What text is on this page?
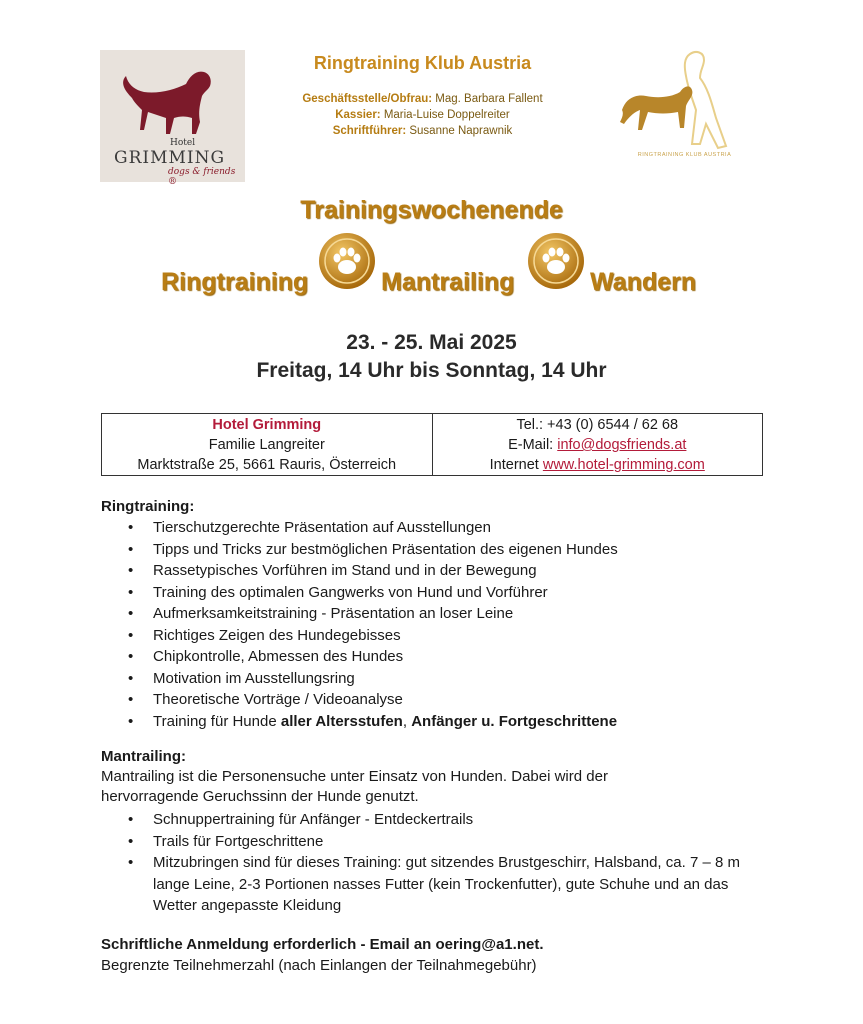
Hotel
GRIMMING
dogs & friends ®
Ringtraining Klub Austria
Geschäftsstelle/Obfrau: Mag. Barbara Fallent
Kassier: Maria-Luise Doppelreiter
Schriftführer: Susanne Naprawnik
RINGTRAINING KLUB AUSTRIA
Trainingswochenende
Ringtraining	Mantrailing	Wandern
23. - 25. Mai 2025
Freitag, 14 Uhr bis Sonntag, 14 Uhr
Hotel Grimming
Familie Langreiter
Marktstraße 25, 5661 Rauris, Österreich
Tel.: +43 (0) 6544 / 62 68
E-Mail: info@dogsfriends.at
Internet www.hotel-grimming.com
Ringtraining:
• Tierschutzgerechte Präsentation auf Ausstellungen
• Tipps und Tricks zur bestmöglichen Präsentation des eigenen Hundes
• Rassetypisches Vorführen im Stand und in der Bewegung
• Training des optimalen Gangwerks von Hund und Vorführer
• Aufmerksamkeitstraining - Präsentation an loser Leine
• Richtiges Zeigen des Hundegebisses
• Chipkontrolle, Abmessen des Hundes
• Motivation im Ausstellungsring
• Theoretische Vorträge / Videoanalyse
• Training für Hunde aller Altersstufen, Anfänger u. Fortgeschrittene
Mantrailing:
Mantrailing ist die Personensuche unter Einsatz von Hunden. Dabei wird der hervorragende Geruchssinn der Hunde genutzt.
• Schnuppertraining für Anfänger - Entdeckertrails
• Trails für Fortgeschrittene
• Mitzubringen sind für dieses Training: gut sitzendes Brustgeschirr, Halsband, ca. 7 – 8 m lange Leine, 2-3 Portionen nasses Futter (kein Trockenfutter), gute Schuhe und an das Wetter angepasste Kleidung
Schriftliche Anmeldung erforderlich - Email an oering@a1.net.
Begrenzte Teilnehmerzahl (nach Einlangen der Teilnahmegebühr)
